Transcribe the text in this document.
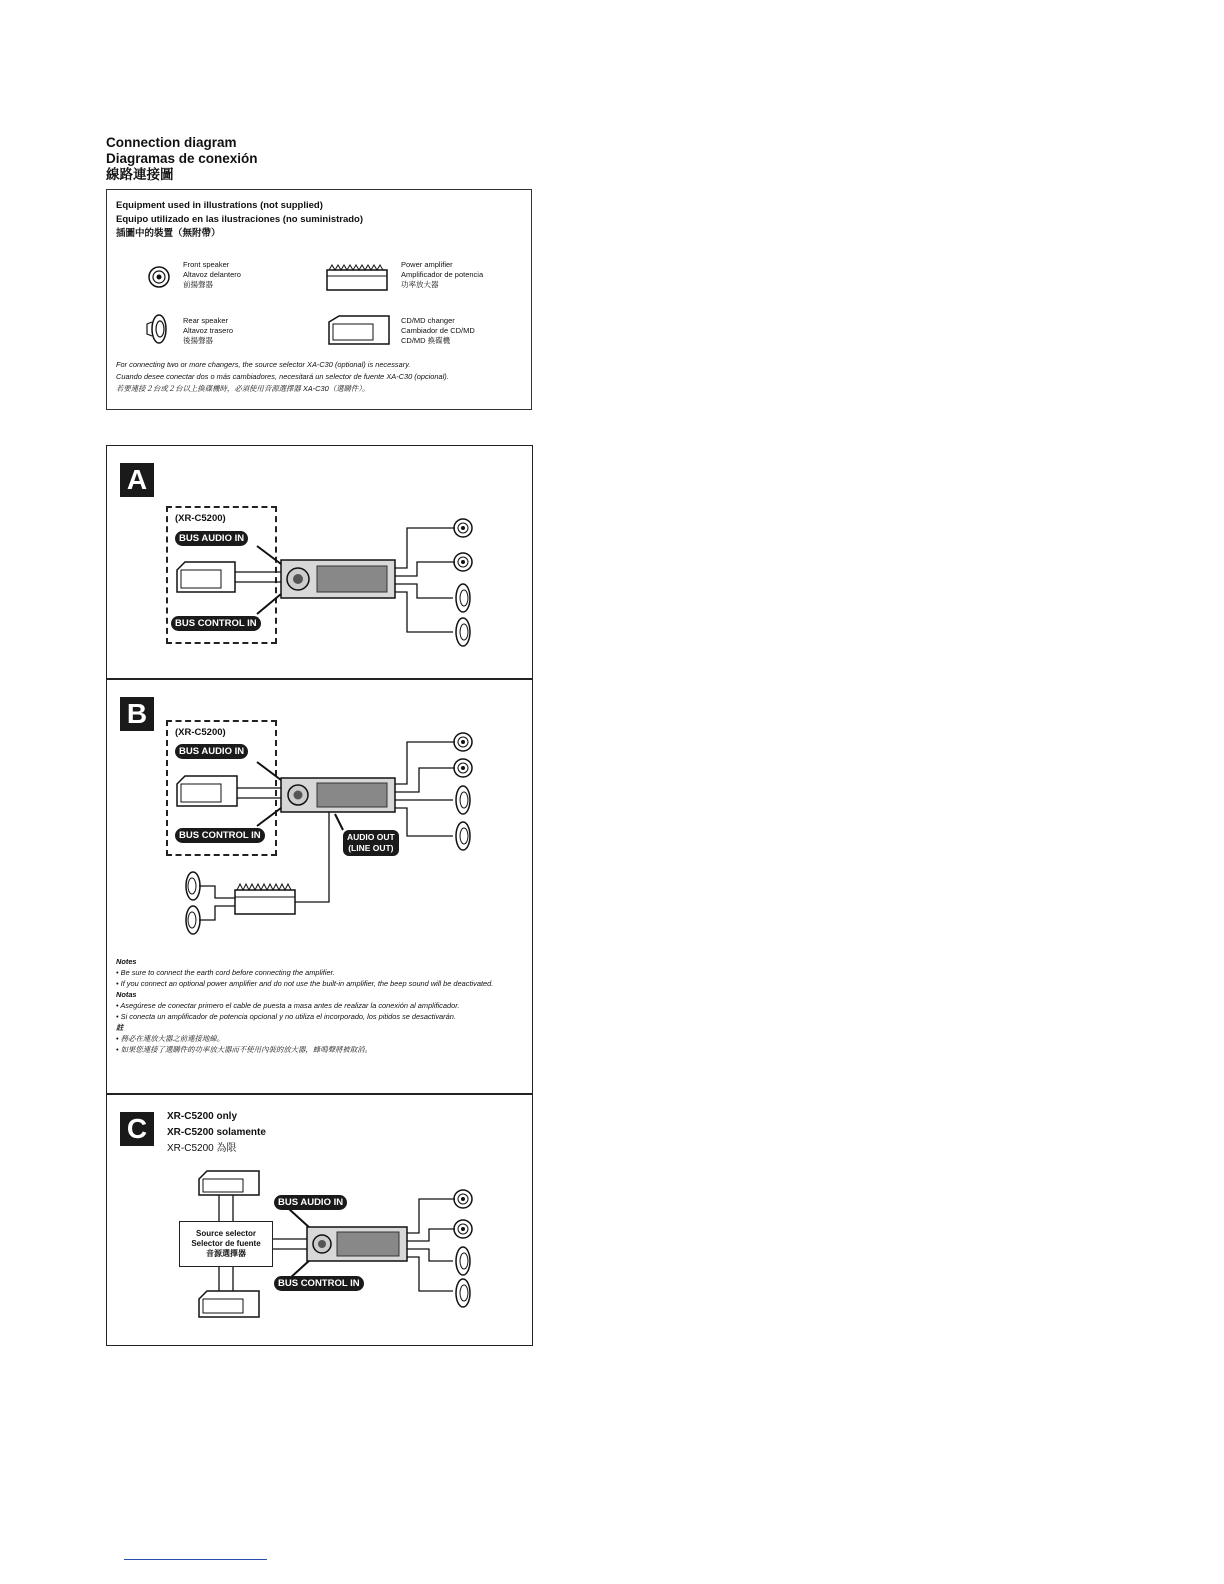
Connection diagram
Diagramas de conexión
線路連接圖
Equipment used in illustrations (not supplied)
Equipo utilizado en las ilustraciones (no suministrado)
插圖中的裝置（無附帶）
Front speaker
Altavoz delantero
前揚聲器
Rear speaker
Altavoz trasero
後揚聲器
Power amplifier
Amplificador de potencia
功率放大器
CD/MD changer
Cambiador de CD/MD
CD/MD 換碟機
For connecting two or more changers, the source selector XA-C30 (optional) is necessary.
Cuando desee conectar dos o más cambiadores, necesitará un selector de fuente XA-C30 (opcional).
若要連接２台或２台以上換碟機時，必須使用音源選擇器 XA-C30（選購件）。
A
(XR-C5200)
BUS AUDIO IN
BUS CONTROL IN
B
(XR-C5200)
BUS AUDIO IN
BUS CONTROL IN	AUDIO OUT
(LINE OUT)
Notes
• Be sure to connect the earth cord before connecting the amplifier.
• If you connect an optional power amplifier and do not use the built-in amplifier, the beep sound will be deactivated.
Notas
• Asegúrese de conectar primero el cable de puesta a masa antes de realizar la conexión al amplificador.
• Si conecta un amplificador de potencia opcional y no utiliza el incorporado, los pitidos se desactivarán.
註
• 務必在連放大器之前連接地線。
• 如果您連接了選購件的功率放大器而不使用內裝的放大器，蜂鳴聲將被取消。
C	XR-C5200 only
XR-C5200 solamente
XR-C5200 為限
Source selector
Selector de fuente
音源選擇器
BUS AUDIO IN
BUS CONTROL IN
